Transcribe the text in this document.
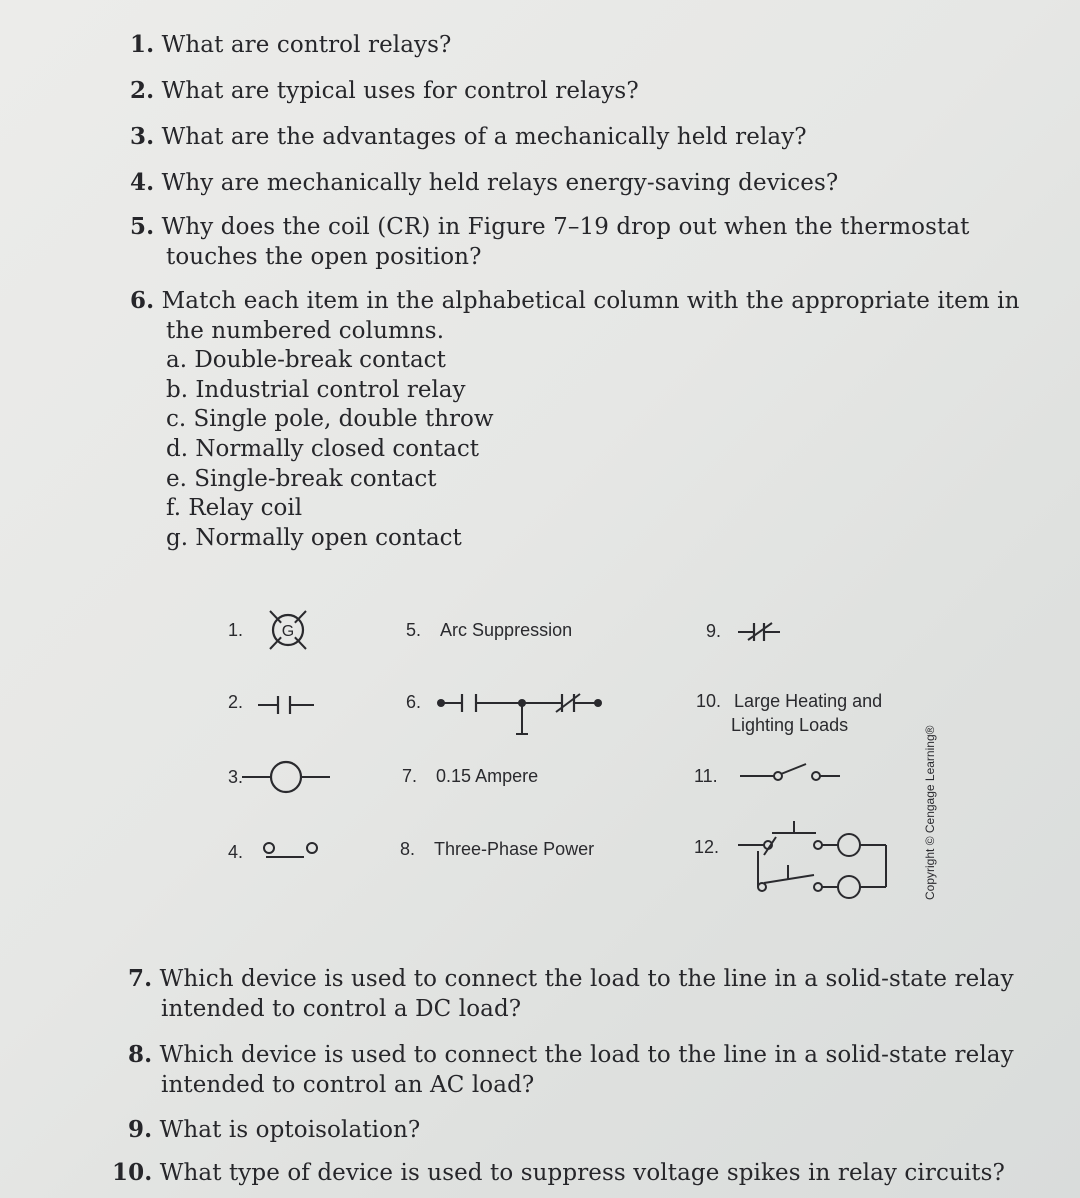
1. What are control relays?
2. What are typical uses for control relays?
3. What are the advantages of a mechanically held relay?
4. Why are mechanically held relays energy-saving devices?
5. Why does the coil (CR) in Figure 7–19 drop out when the thermostat
touches the open position?
6. Match each item in the alphabetical column with the appropriate item in
the numbered columns.
a. Double-break contact
b. Industrial control relay
c. Single pole, double throw
d. Normally closed contact
e. Single-break contact
f. Relay coil
g. Normally open contact
1. G
2.
3.
4.
5. Arc Suppression
6.
7. 0.15 Ampere
8. Three-Phase Power
9.
10. Large Heating and
Lighting Loads
11.
12.	Copyright © Cengage Learning®
7. Which device is used to connect the load to the line in a solid-state relay
intended to control a DC load?
8. Which device is used to connect the load to the line in a solid-state relay
intended to control an AC load?
9. What is optoisolation?
10. What type of device is used to suppress voltage spikes in relay circuits?
